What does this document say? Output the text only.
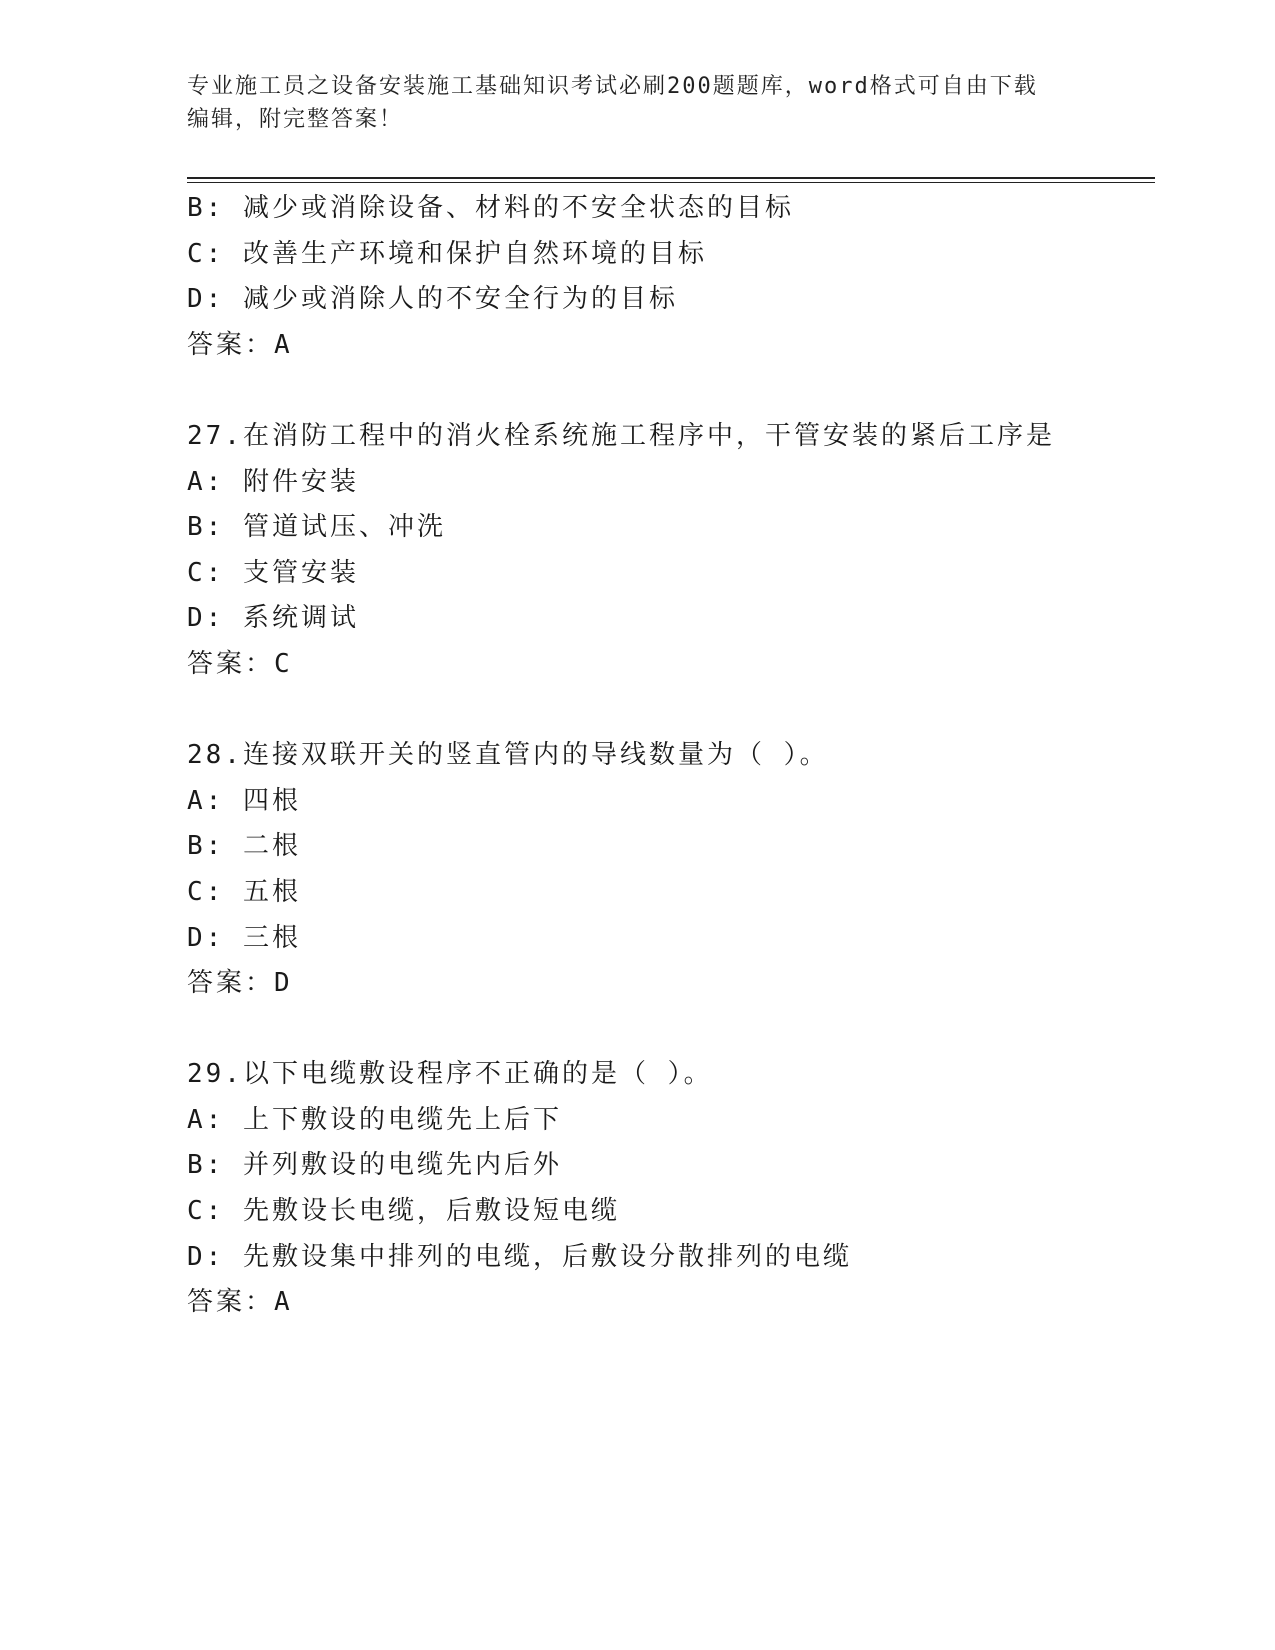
专业施工员之设备安装施工基础知识考试必刷200题题库，word格式可自由下载
编辑，附完整答案！
B: 减少或消除设备、材料的不安全状态的目标
C: 改善生产环境和保护自然环境的目标
D: 减少或消除人的不安全行为的目标
答案：A
27.在消防工程中的消火栓系统施工程序中，干管安装的紧后工序是
A: 附件安装
B: 管道试压、冲洗
C: 支管安装
D: 系统调试
答案：C
28.连接双联开关的竖直管内的导线数量为（ ）。
A: 四根
B: 二根
C: 五根
D: 三根
答案：D
29.以下电缆敷设程序不正确的是（ ）。
A: 上下敷设的电缆先上后下
B: 并列敷设的电缆先内后外
C: 先敷设长电缆，后敷设短电缆
D: 先敷设集中排列的电缆，后敷设分散排列的电缆
答案：A
